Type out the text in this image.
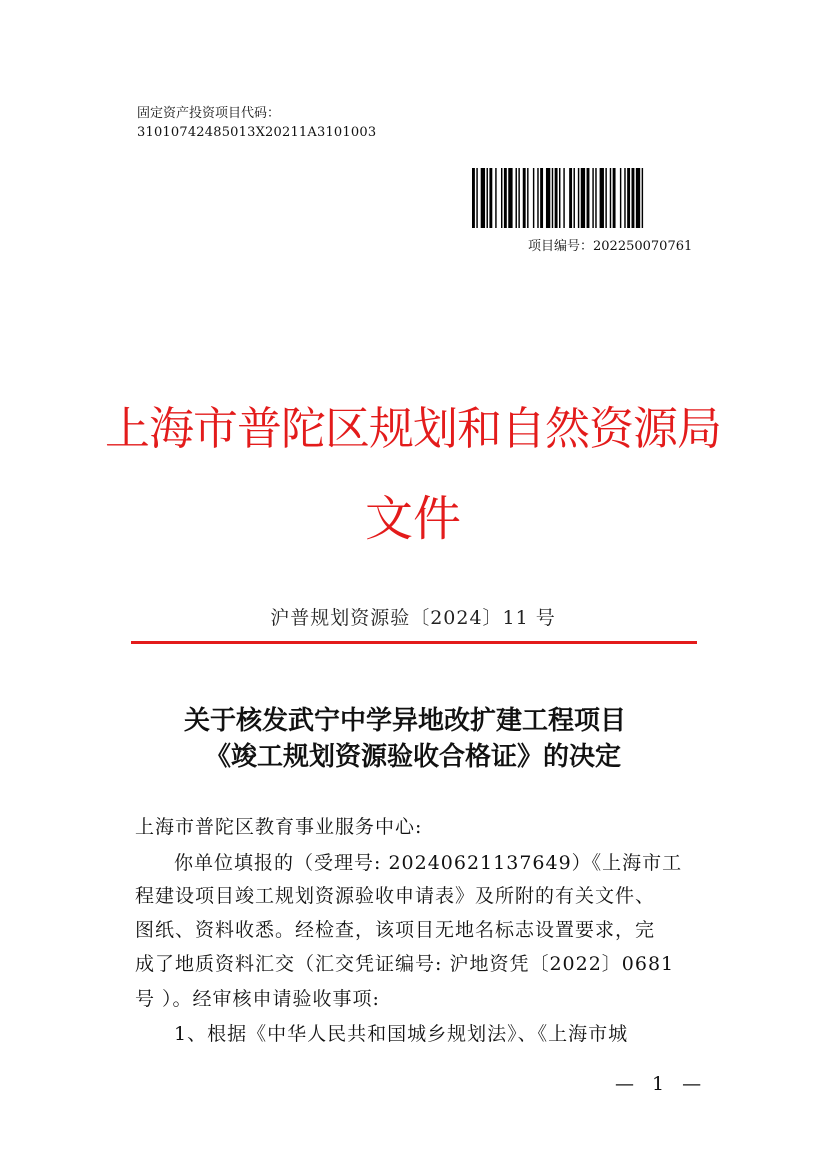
固定资产投资项目代码：
31010742485013X20211A3101003
项目编号：202250070761
上海市普陀区规划和自然资源局
文件
沪普规划资源验〔2024〕11 号
关于核发武宁中学异地改扩建工程项目
《竣工规划资源验收合格证》的决定
上海市普陀区教育事业服务中心:
你单位填报的（受理号: 20240621137649）《上海市工
程建设项目竣工规划资源验收申请表》及所附的有关文件、
图纸、资料收悉。经检查，该项目无地名标志设置要求，完
成了地质资料汇交（汇交凭证编号: 沪地资凭〔2022〕0681
号 ）。经审核申请验收事项:
1、根据《中华人民共和国城乡规划法》、《上海市城
— 1 —
